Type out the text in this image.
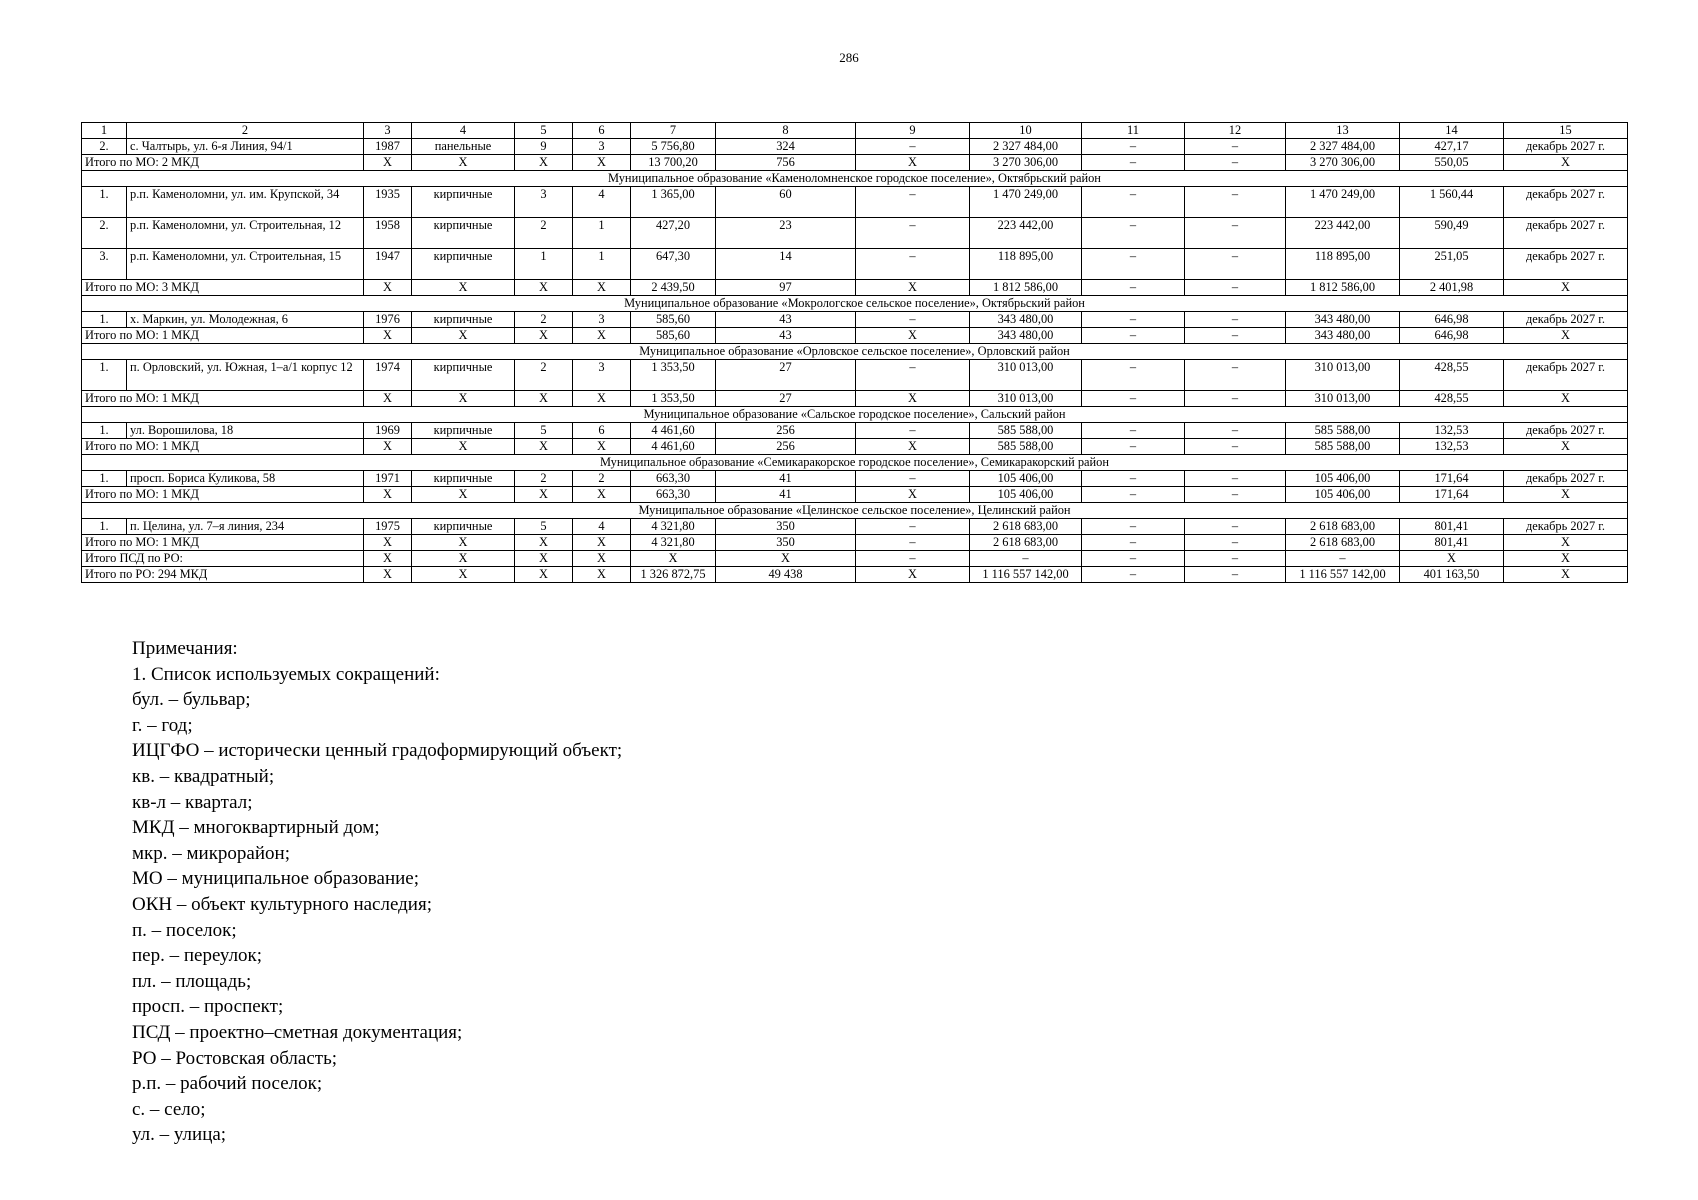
286
1	2	3	4	5	6	7	8	9	10	11	12	13	14	15
2.	с. Чалтырь, ул. 6-я Линия, 94/1	1987	панельные	9	3	5 756,80	324	–	2 327 484,00	–	–	2 327 484,00	427,17	декабрь 2027 г.
Итого по МО: 2 МКД		X	X	X	X	13 700,20	756	X	3 270 306,00	–	–	3 270 306,00	550,05	X
Муниципальное образование «Каменоломненское городское поселение», Октябрьский район														
1.	р.п. Каменоломни, ул. им. Крупской, 34	1935	кирпичные	3	4	1 365,00	60	–	1 470 249,00	–	–	1 470 249,00	1 560,44	декабрь 2027 г.
2.	р.п. Каменоломни, ул. Строительная, 12	1958	кирпичные	2	1	427,20	23	–	223 442,00	–	–	223 442,00	590,49	декабрь 2027 г.
3.	р.п. Каменоломни, ул. Строительная, 15	1947	кирпичные	1	1	647,30	14	–	118 895,00	–	–	118 895,00	251,05	декабрь 2027 г.
Итого по МО: 3 МКД		X	X	X	X	2 439,50	97	X	1 812 586,00	–	–	1 812 586,00	2 401,98	X
Муниципальное образование «Мокрологское сельское поселение», Октябрьский район														
1.	х. Маркин, ул. Молодежная, 6	1976	кирпичные	2	3	585,60	43	–	343 480,00	–	–	343 480,00	646,98	декабрь 2027 г.
Итого по МО: 1 МКД		X	X	X	X	585,60	43	X	343 480,00	–	–	343 480,00	646,98	X
Муниципальное образование «Орловское сельское поселение», Орловский район														
1.	п. Орловский, ул. Южная, 1–а/1 корпус 12	1974	кирпичные	2	3	1 353,50	27	–	310 013,00	–	–	310 013,00	428,55	декабрь 2027 г.
Итого по МО: 1 МКД		X	X	X	X	1 353,50	27	X	310 013,00	–	–	310 013,00	428,55	X
Муниципальное образование «Сальское городское поселение», Сальский район														
1.	ул. Ворошилова, 18	1969	кирпичные	5	6	4 461,60	256	–	585 588,00	–	–	585 588,00	132,53	декабрь 2027 г.
Итого по МО: 1 МКД		X	X	X	X	4 461,60	256	X	585 588,00	–	–	585 588,00	132,53	X
Муниципальное образование «Семикаракорское городское поселение», Семикаракорский район														
1.	просп. Бориса Куликова, 58	1971	кирпичные	2	2	663,30	41	–	105 406,00	–	–	105 406,00	171,64	декабрь 2027 г.
Итого по МО: 1 МКД		X	X	X	X	663,30	41	X	105 406,00	–	–	105 406,00	171,64	X
Муниципальное образование «Целинское сельское поселение», Целинский район														
1.	п. Целина, ул. 7–я линия, 234	1975	кирпичные	5	4	4 321,80	350	–	2 618 683,00	–	–	2 618 683,00	801,41	декабрь 2027 г.
Итого по МО: 1 МКД		X	X	X	X	4 321,80	350	–	2 618 683,00	–	–	2 618 683,00	801,41	X
Итого ПСД по РО:		X	X	X	X	X	X	–	–	–	–	–	X	X
Итого по РО: 294 МКД		X	X	X	X	1 326 872,75	49 438	X	1 116 557 142,00	–	–	1 116 557 142,00	401 163,50	X
Примечания:
1. Список используемых сокращений:
бул. – бульвар;
г. – год;
ИЦГФО – исторически ценный градоформирующий объект;
кв. – квадратный;
кв-л – квартал;
МКД – многоквартирный дом;
мкр. – микрорайон;
МО – муниципальное образование;
ОКН – объект культурного наследия;
п. – поселок;
пер. – переулок;
пл. – площадь;
просп. – проспект;
ПСД – проектно–сметная документация;
РО – Ростовская область;
р.п. – рабочий поселок;
с. – село;
ул. – улица;
